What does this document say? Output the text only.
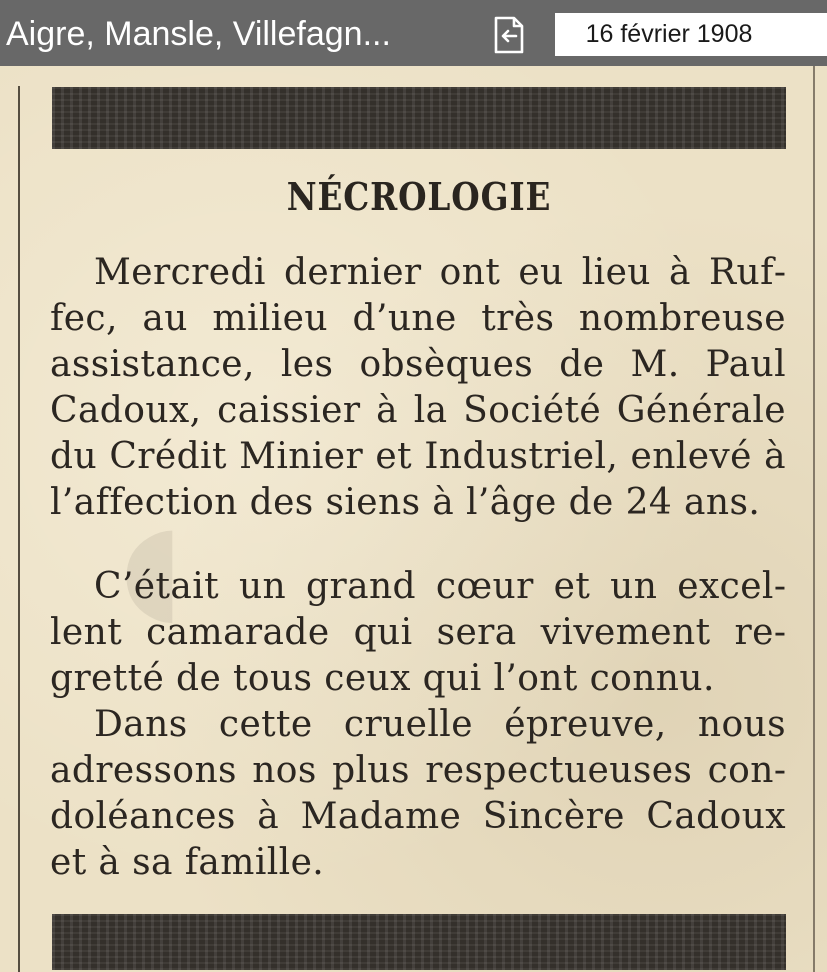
Aigre, Mansle, Villefagn...	16 février 1908
◖
NÉCROLOGIE
Mercredi dernier ont eu lieu à Ruffec, au milieu d’une très nombreuse assistance, les obsèques de M. Paul Cadoux, caissier à la Société Générale du Crédit Minier et Industriel, enlevé à l’affection des siens à l’âge de 24 ans.
C’était un grand cœur et un excellent camarade qui sera vivement regretté de tous ceux qui l’ont connu.
Dans cette cruelle épreuve, nous adressons nos plus respectueuses condoléances à Madame Sincère Cadoux et à sa famille.
